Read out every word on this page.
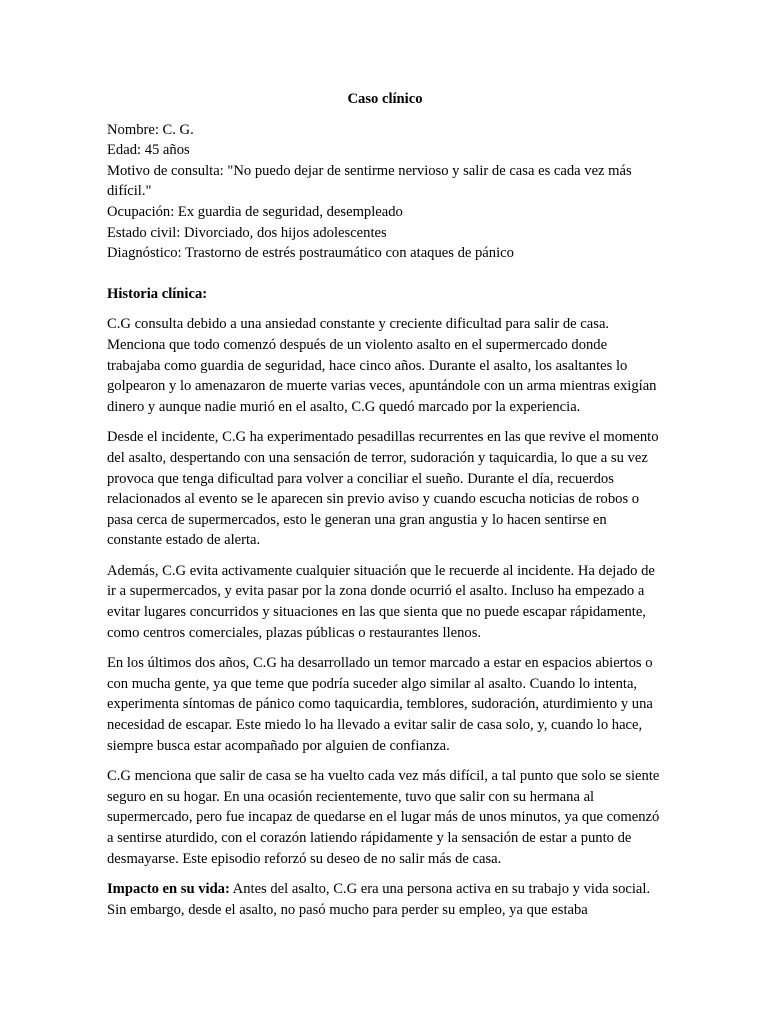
Caso clínico

Nombre: C. G.

Edad: 45 años

Motivo de consulta: "No puedo dejar de sentirme nervioso y salir de casa es cada vez más difícil."

Ocupación: Ex guardia de seguridad, desempleado

Estado civil: Divorciado, dos hijos adolescentes

Diagnóstico: Trastorno de estrés postraumático con ataques de pánico

Historia clínica:

C.G consulta debido a una ansiedad constante y creciente dificultad para salir de casa. Menciona que todo comenzó después de un violento asalto en el supermercado donde trabajaba como guardia de seguridad, hace cinco años. Durante el asalto, los asaltantes lo golpearon y lo amenazaron de muerte varias veces, apuntándole con un arma mientras exigían dinero y aunque nadie murió en el asalto, C.G quedó marcado por la experiencia.

Desde el incidente, C.G ha experimentado pesadillas recurrentes en las que revive el momento del asalto, despertando con una sensación de terror, sudoración y taquicardia, lo que a su vez provoca que tenga dificultad para volver a conciliar el sueño. Durante el día, recuerdos relacionados al evento se le aparecen sin previo aviso y cuando escucha noticias de robos o pasa cerca de supermercados, esto le generan una gran angustia y lo hacen sentirse en constante estado de alerta.

Además, C.G evita activamente cualquier situación que le recuerde al incidente. Ha dejado de ir a supermercados, y evita pasar por la zona donde ocurrió el asalto. Incluso ha empezado a evitar lugares concurridos y situaciones en las que sienta que no puede escapar rápidamente, como centros comerciales, plazas públicas o restaurantes llenos.

En los últimos dos años, C.G ha desarrollado un temor marcado a estar en espacios abiertos o con mucha gente, ya que teme que podría suceder algo similar al asalto. Cuando lo intenta, experimenta síntomas de pánico como taquicardia, temblores, sudoración, aturdimiento y una necesidad de escapar. Este miedo lo ha llevado a evitar salir de casa solo, y, cuando lo hace, siempre busca estar acompañado por alguien de confianza.

C.G menciona que salir de casa se ha vuelto cada vez más difícil, a tal punto que solo se siente seguro en su hogar. En una ocasión recientemente, tuvo que salir con su hermana al supermercado, pero fue incapaz de quedarse en el lugar más de unos minutos, ya que comenzó a sentirse aturdido, con el corazón latiendo rápidamente y la sensación de estar a punto de desmayarse. Este episodio reforzó su deseo de no salir más de casa.

Impacto en su vida: Antes del asalto, C.G era una persona activa en su trabajo y vida social. Sin embargo, desde el asalto, no pasó mucho para perder su empleo, ya que estaba
